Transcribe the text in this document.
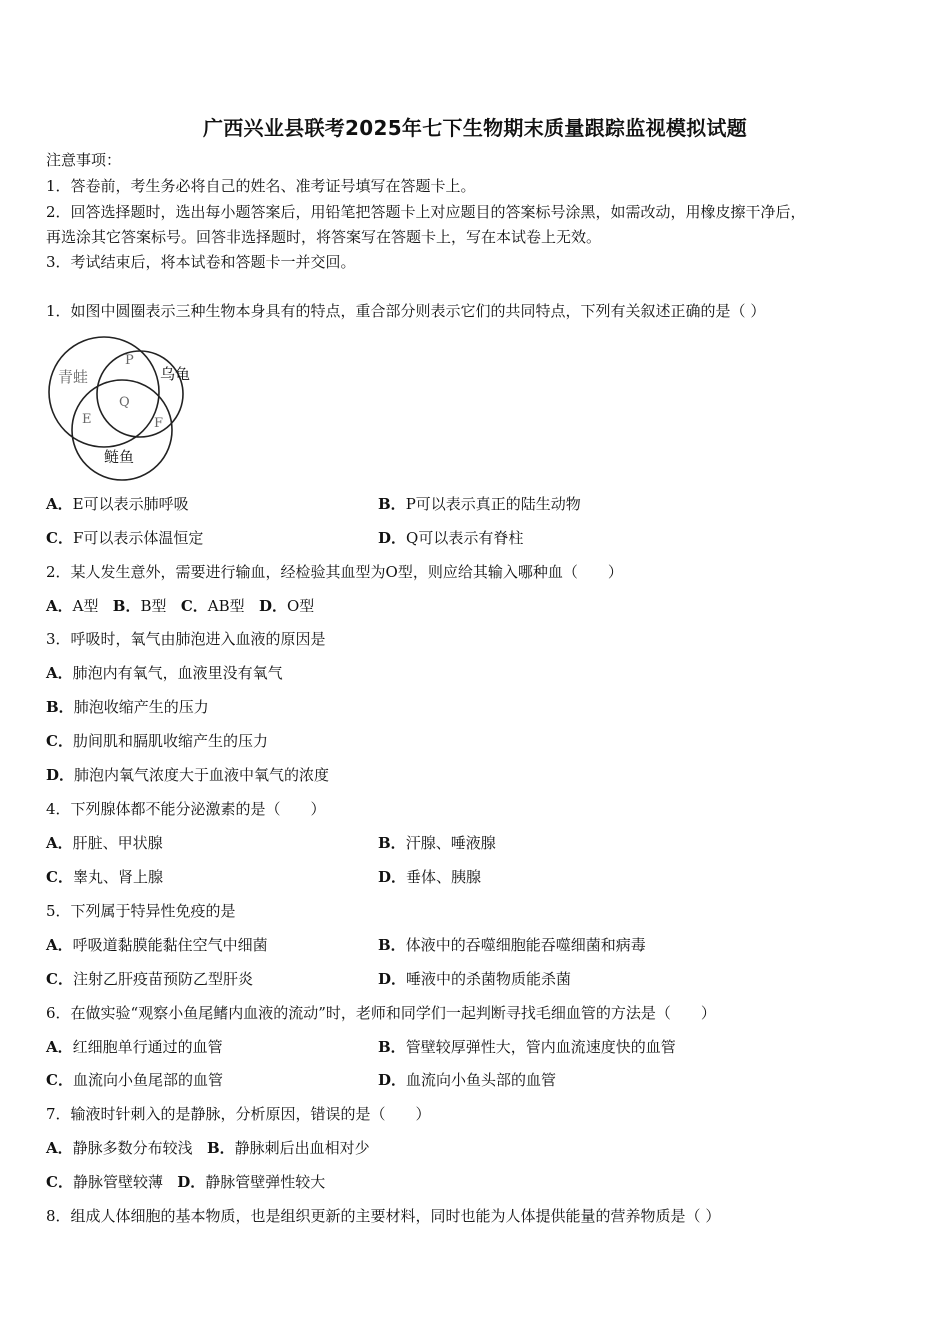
广西兴业县联考2025年七下生物期末质量跟踪监视模拟试题
注意事项：
1．答卷前，考生务必将自己的姓名、准考证号填写在答题卡上。
2．回答选择题时，选出每小题答案后，用铅笔把答题卡上对应题目的答案标号涂黑，如需改动，用橡皮擦干净后，
再选涂其它答案标号。回答非选择题时，将答案写在答题卡上，写在本试卷上无效。
3．考试结束后，将本试卷和答题卡一并交回。
1．如图中圆圈表示三种生物本身具有的特点，重合部分则表示它们的共同特点，下列有关叙述正确的是（ ）
青蛙	乌龟
鲢鱼
P
Q
E	F
A．E可以表示肺呼吸	B．P可以表示真正的陆生动物
C．F可以表示体温恒定	D．Q可以表示有脊柱
2．某人发生意外，需要进行输血，经检验其血型为O型，则应给其输入哪种血（　　）
A．A型 B．B型 C．AB型 D．O型
3．呼吸时，氧气由肺泡进入血液的原因是
A．肺泡内有氧气，血液里没有氧气
B．肺泡收缩产生的压力
C．肋间肌和膈肌收缩产生的压力
D．肺泡内氧气浓度大于血液中氧气的浓度
4．下列腺体都不能分泌激素的是（　　）
A．肝脏、甲状腺	B．汗腺、唾液腺
C．睾丸、肾上腺	D．垂体、胰腺
5．下列属于特异性免疫的是
A．呼吸道黏膜能黏住空气中细菌	B．体液中的吞噬细胞能吞噬细菌和病毒
C．注射乙肝疫苗预防乙型肝炎	D．唾液中的杀菌物质能杀菌
6．在做实验“观察小鱼尾鳍内血液的流动”时，老师和同学们一起判断寻找毛细血管的方法是（　　）
A．红细胞单行通过的血管	B．管壁较厚弹性大，管内血流速度快的血管
C．血流向小鱼尾部的血管	D．血流向小鱼头部的血管
7．输液时针刺入的是静脉，分析原因，错误的是（　　）
A．静脉多数分布较浅 B．静脉刺后出血相对少
C．静脉管壁较薄 D．静脉管壁弹性较大
8．组成人体细胞的基本物质，也是组织更新的主要材料，同时也能为人体提供能量的营养物质是（ ）
